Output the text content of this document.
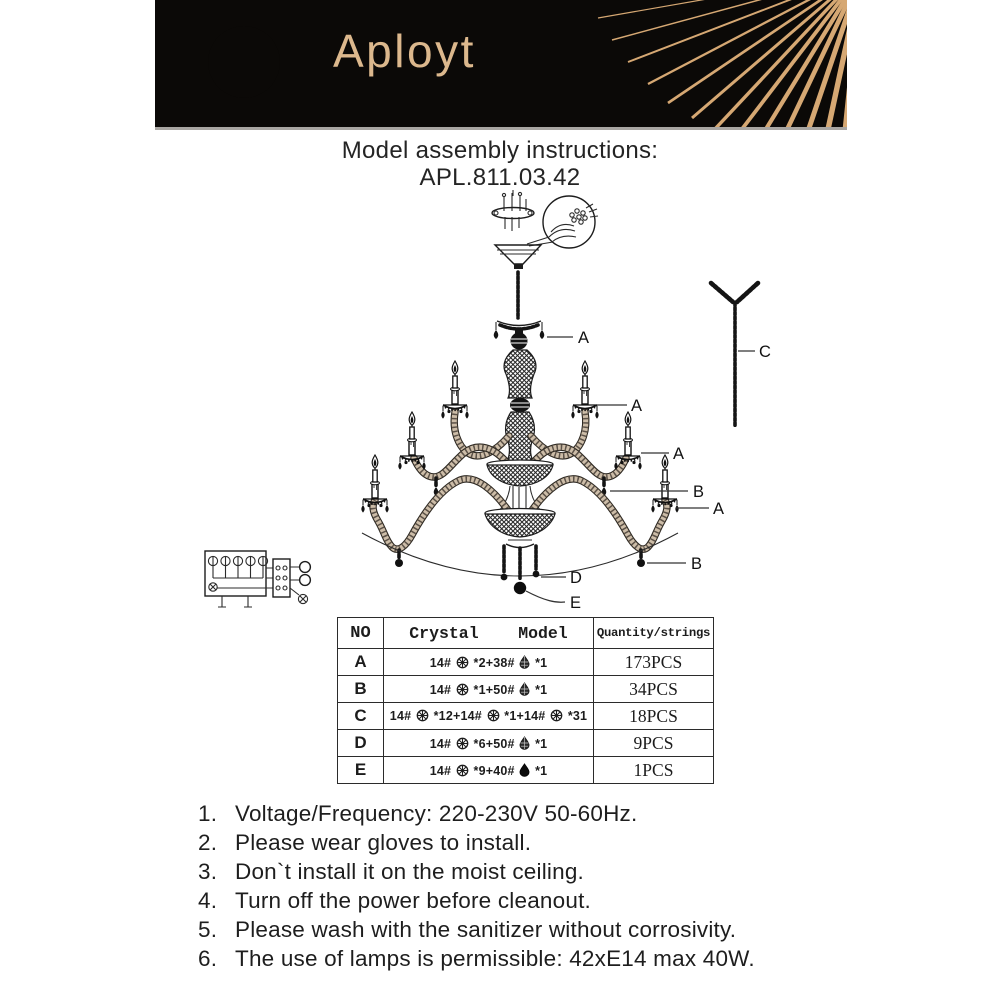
Aployt
Model assembly instructions:
APL.811.03.42
A
A
A
A
B
B
C
D
E
NO	Crystal    Model	Quantity/strings
A	14#  *2+38#  *1	173PCS
B	14#  *1+50#  *1	34PCS
C	14#  *12+14#  *1+14#  *31	18PCS
D	14#  *6+50#  *1	9PCS
E	14#  *9+40#  *1	1PCS
1. Voltage/Frequency: 220-230V 50-60Hz.
2. Please wear gloves to install.
3. Don`t install it on the moist ceiling.
4. Turn off the power before cleanout.
5. Please wash with the sanitizer without corrosivity.
6. The use of lamps is permissible: 42xE14 max 40W.
